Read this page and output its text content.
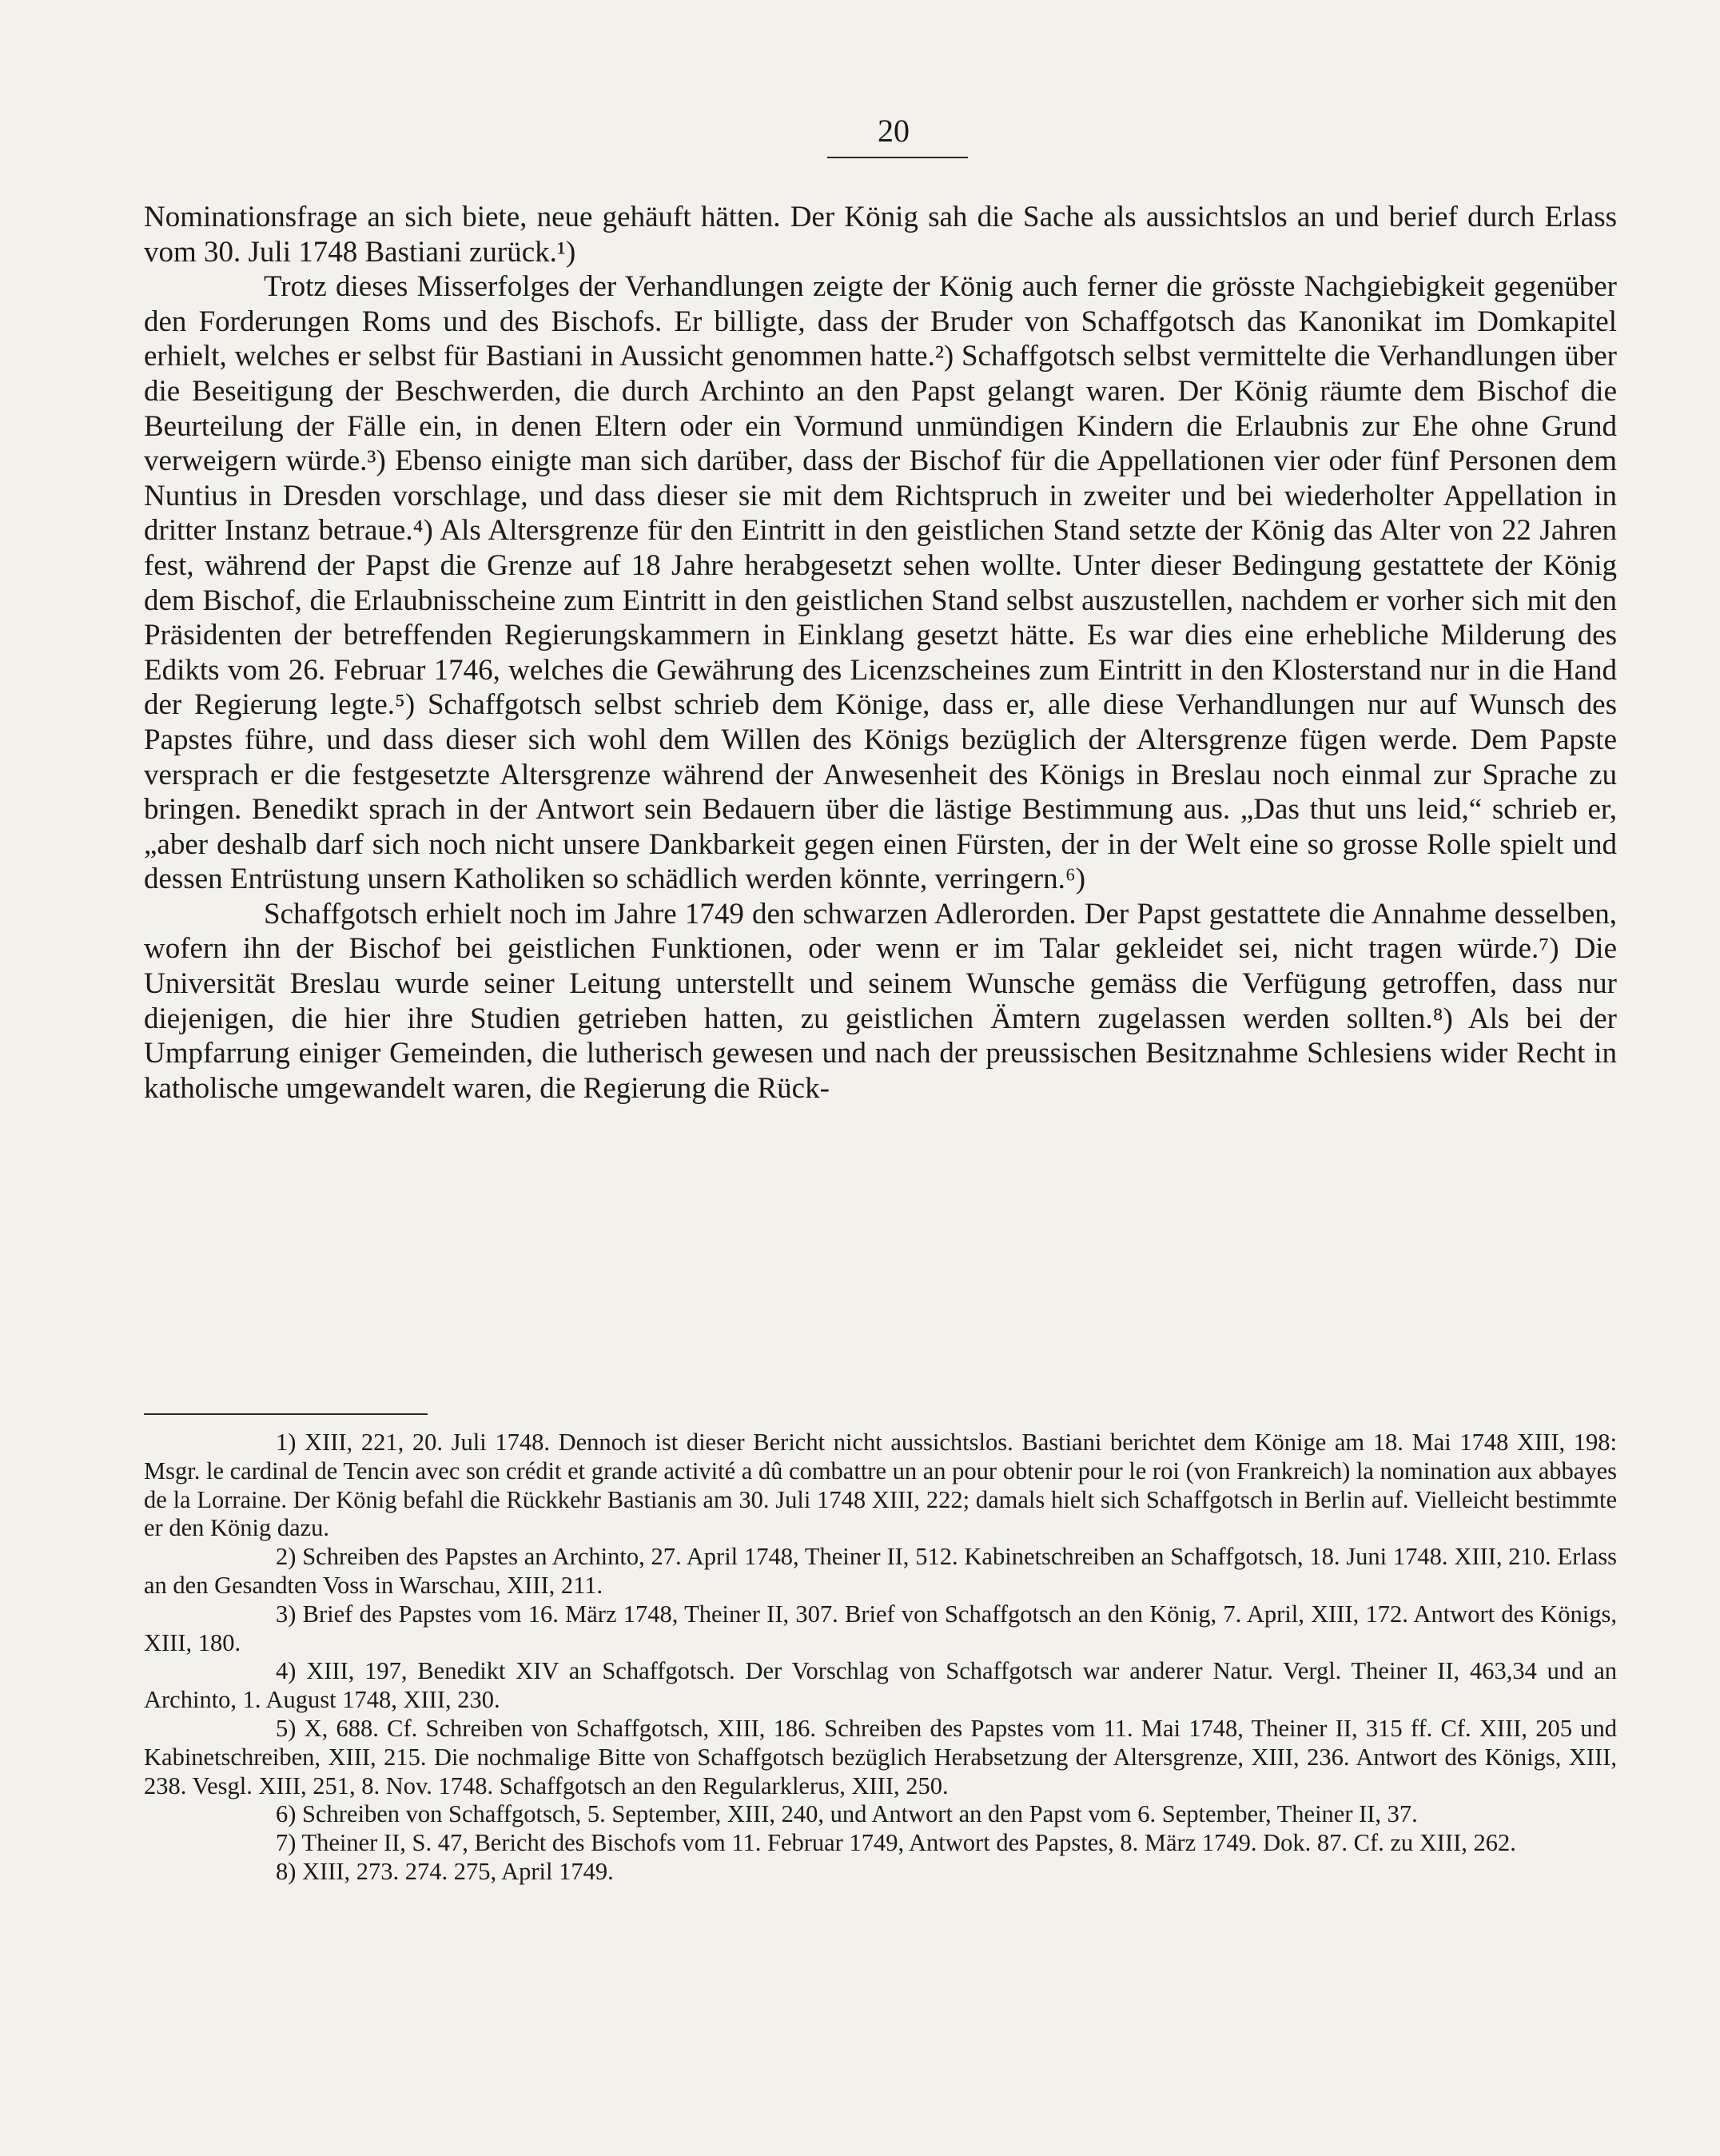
20

Nominationsfrage an sich biete, neue gehäuft hätten. Der König sah die Sache als aussichtslos an und berief durch Erlass vom 30. Juli 1748 Bastiani zurück.¹)

Trotz dieses Misserfolges der Verhandlungen zeigte der König auch ferner die grösste Nachgiebigkeit gegenüber den Forderungen Roms und des Bischofs. Er billigte, dass der Bruder von Schaffgotsch das Kanonikat im Domkapitel erhielt, welches er selbst für Bastiani in Aussicht genommen hatte.²) Schaffgotsch selbst vermittelte die Verhandlungen über die Beseitigung der Beschwerden, die durch Archinto an den Papst gelangt waren. Der König räumte dem Bischof die Beurteilung der Fälle ein, in denen Eltern oder ein Vormund unmündigen Kindern die Erlaubnis zur Ehe ohne Grund verweigern würde.³) Ebenso einigte man sich darüber, dass der Bischof für die Appellationen vier oder fünf Personen dem Nuntius in Dresden vorschlage, und dass dieser sie mit dem Richtspruch in zweiter und bei wiederholter Appellation in dritter Instanz betraue.⁴) Als Altersgrenze für den Eintritt in den geistlichen Stand setzte der König das Alter von 22 Jahren fest, während der Papst die Grenze auf 18 Jahre herabgesetzt sehen wollte. Unter dieser Bedingung gestattete der König dem Bischof, die Erlaubnisscheine zum Eintritt in den geistlichen Stand selbst auszustellen, nachdem er vorher sich mit den Präsidenten der betreffenden Regierungskammern in Einklang gesetzt hätte. Es war dies eine erhebliche Milderung des Edikts vom 26. Februar 1746, welches die Gewährung des Licenzscheines zum Eintritt in den Klosterstand nur in die Hand der Regierung legte.⁵) Schaffgotsch selbst schrieb dem Könige, dass er, alle diese Verhandlungen nur auf Wunsch des Papstes führe, und dass dieser sich wohl dem Willen des Königs bezüglich der Altersgrenze fügen werde. Dem Papste versprach er die festgesetzte Altersgrenze während der Anwesenheit des Königs in Breslau noch einmal zur Sprache zu bringen. Benedikt sprach in der Antwort sein Bedauern über die lästige Bestimmung aus. „Das thut uns leid,“ schrieb er, „aber deshalb darf sich noch nicht unsere Dankbarkeit gegen einen Fürsten, der in der Welt eine so grosse Rolle spielt und dessen Entrüstung unsern Katholiken so schädlich werden könnte, verringern.⁶)

Schaffgotsch erhielt noch im Jahre 1749 den schwarzen Adlerorden. Der Papst gestattete die Annahme desselben, wofern ihn der Bischof bei geistlichen Funktionen, oder wenn er im Talar gekleidet sei, nicht tragen würde.⁷) Die Universität Breslau wurde seiner Leitung unterstellt und seinem Wunsche gemäss die Verfügung getroffen, dass nur diejenigen, die hier ihre Studien getrieben hatten, zu geistlichen Ämtern zugelassen werden sollten.⁸) Als bei der Umpfarrung einiger Gemeinden, die lutherisch gewesen und nach der preussischen Besitznahme Schlesiens wider Recht in katholische umgewandelt waren, die Regierung die Rück-

1) XIII, 221, 20. Juli 1748. Dennoch ist dieser Bericht nicht aussichtslos. Bastiani berichtet dem Könige am 18. Mai 1748 XIII, 198: Msgr. le cardinal de Tencin avec son crédit et grande activité a dû combattre un an pour obtenir pour le roi (von Frankreich) la nomination aux abbayes de la Lorraine. Der König befahl die Rückkehr Bastianis am 30. Juli 1748 XIII, 222; damals hielt sich Schaffgotsch in Berlin auf. Vielleicht bestimmte er den König dazu.

2) Schreiben des Papstes an Archinto, 27. April 1748, Theiner II, 512. Kabinetschreiben an Schaffgotsch, 18. Juni 1748. XIII, 210. Erlass an den Gesandten Voss in Warschau, XIII, 211.

3) Brief des Papstes vom 16. März 1748, Theiner II, 307. Brief von Schaffgotsch an den König, 7. April, XIII, 172. Antwort des Königs, XIII, 180.

4) XIII, 197, Benedikt XIV an Schaffgotsch. Der Vorschlag von Schaffgotsch war anderer Natur. Vergl. Theiner II, 463,34 und an Archinto, 1. August 1748, XIII, 230.

5) X, 688. Cf. Schreiben von Schaffgotsch, XIII, 186. Schreiben des Papstes vom 11. Mai 1748, Theiner II, 315 ff. Cf. XIII, 205 und Kabinetschreiben, XIII, 215. Die nochmalige Bitte von Schaffgotsch bezüglich Herabsetzung der Altersgrenze, XIII, 236. Antwort des Königs, XIII, 238. Vesgl. XIII, 251, 8. Nov. 1748. Schaffgotsch an den Regularklerus, XIII, 250.

6) Schreiben von Schaffgotsch, 5. September, XIII, 240, und Antwort an den Papst vom 6. September, Theiner II, 37.

7) Theiner II, S. 47, Bericht des Bischofs vom 11. Februar 1749, Antwort des Papstes, 8. März 1749. Dok. 87. Cf. zu XIII, 262.

8) XIII, 273. 274. 275, April 1749.
